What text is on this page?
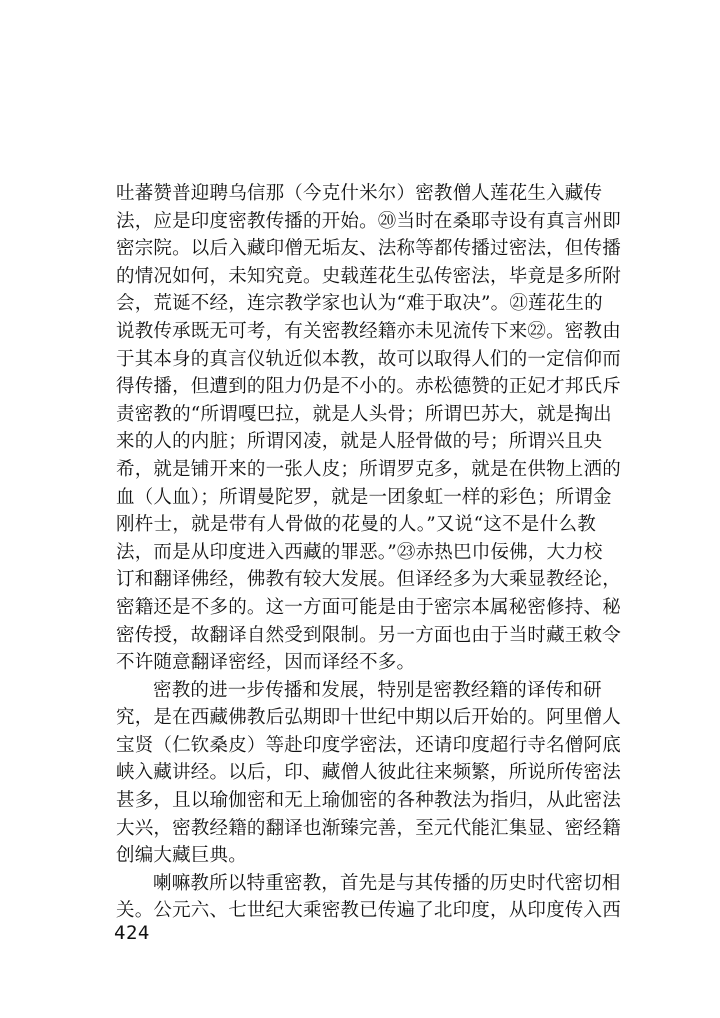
吐蕃赞普迎聘乌信那（今克什米尔）密教僧人莲花生入藏传
法，应是印度密教传播的开始。⑳当时在桑耶寺设有真言州即
密宗院。以后入藏印僧无垢友、法称等都传播过密法，但传播
的情况如何，未知究竟。史载莲花生弘传密法，毕竟是多所附
会，荒诞不经，连宗教学家也认为“难于取决”。㉑莲花生的
说教传承既无可考，有关密教经籍亦未见流传下来㉒。密教由
于其本身的真言仪轨近似本教，故可以取得人们的一定信仰而
得传播，但遭到的阻力仍是不小的。赤松德赞的正妃才邦氏斥
责密教的“所谓嘎巴拉，就是人头骨；所谓巴苏大，就是掏出
来的人的内脏；所谓冈凌，就是人胫骨做的号；所谓兴且央
希，就是铺开来的一张人皮；所谓罗克多，就是在供物上洒的
血（人血）；所谓曼陀罗，就是一团象虹一样的彩色；所谓金
刚杵士，就是带有人骨做的花曼的人。”又说“这不是什么教
法，而是从印度进入西藏的罪恶。”㉓赤热巴巾佞佛，大力校
订和翻译佛经，佛教有较大发展。但译经多为大乘显教经论，
密籍还是不多的。这一方面可能是由于密宗本属秘密修持、秘
密传授，故翻译自然受到限制。另一方面也由于当时藏王敕令
不许随意翻译密经，因而译经不多。
密教的进一步传播和发展，特别是密教经籍的译传和研
究，是在西藏佛教后弘期即十世纪中期以后开始的。阿里僧人
宝贤（仁钦桑皮）等赴印度学密法，还请印度超行寺名僧阿底
峡入藏讲经。以后，印、藏僧人彼此往来频繁，所说所传密法
甚多，且以瑜伽密和无上瑜伽密的各种教法为指归，从此密法
大兴，密教经籍的翻译也渐臻完善，至元代能汇集显、密经籍
创编大藏巨典。
喇嘛教所以特重密教，首先是与其传播的历史时代密切相
关。公元六、七世纪大乘密教已传遍了北印度，从印度传入西
424
